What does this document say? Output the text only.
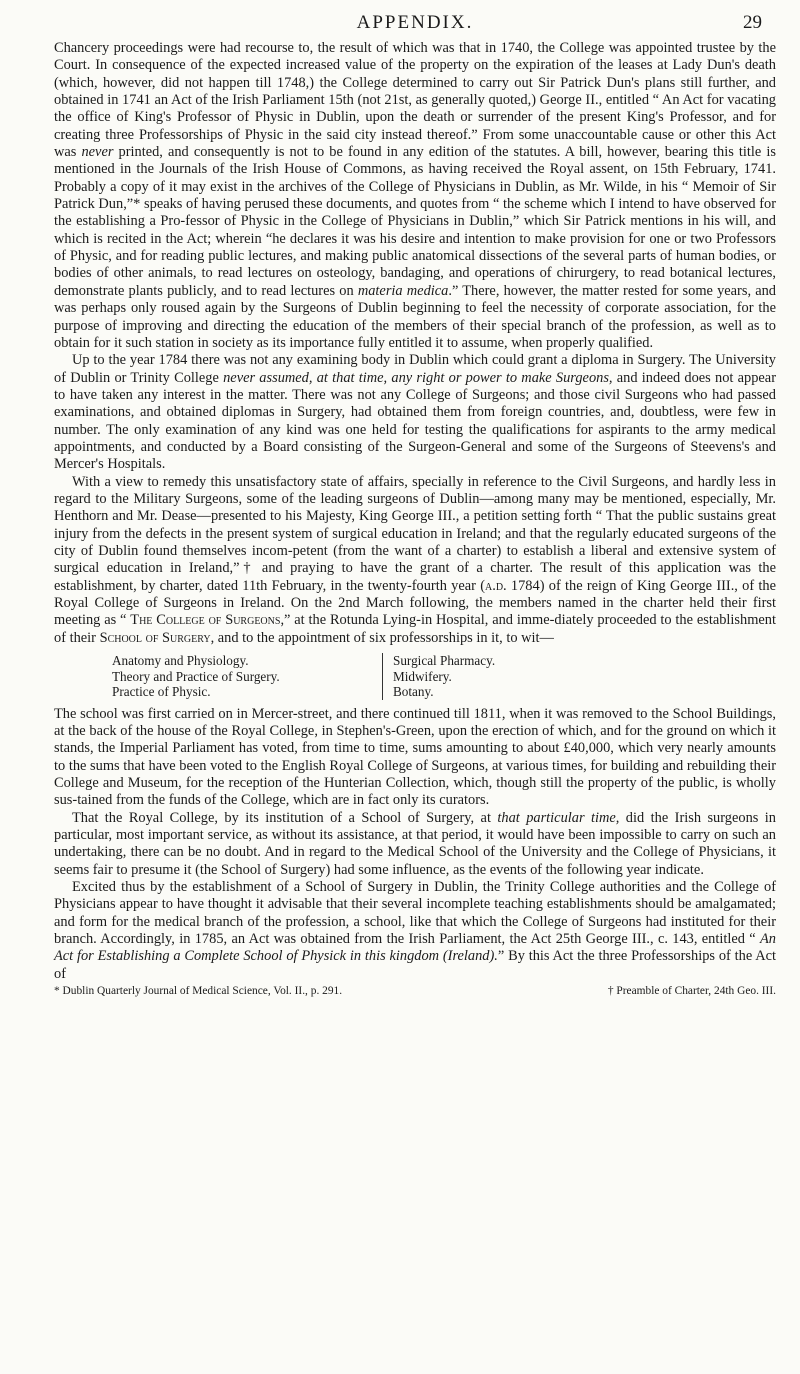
APPENDIX.	29

Chancery proceedings were had recourse to, the result of which was that in 1740, the College was appointed trustee by the Court. In consequence of the expected increased value of the property on the expiration of the leases at Lady Dun's death (which, however, did not happen till 1748,) the College determined to carry out Sir Patrick Dun's plans still further, and obtained in 1741 an Act of the Irish Parliament 15th (not 21st, as generally quoted,) George II., entitled “ An Act for vacating the office of King's Professor of Physic in Dublin, upon the death or surrender of the present King's Professor, and for creating three Professorships of Physic in the said city instead thereof.” From some unaccountable cause or other this Act was never printed, and consequently is not to be found in any edition of the statutes. A bill, however, bearing this title is mentioned in the Journals of the Irish House of Commons, as having received the Royal assent, on 15th February, 1741. Probably a copy of it may exist in the archives of the College of Physicians in Dublin, as Mr. Wilde, in his “ Memoir of Sir Patrick Dun,”* speaks of having perused these documents, and quotes from “ the scheme which I intend to have observed for the establishing a Pro-fessor of Physic in the College of Physicians in Dublin,” which Sir Patrick mentions in his will, and which is recited in the Act; wherein “he declares it was his desire and intention to make provision for one or two Professors of Physic, and for reading public lectures, and making public anatomical dissections of the several parts of human bodies, or bodies of other animals, to read lectures on osteology, bandaging, and operations of chirurgery, to read botanical lectures, demonstrate plants publicly, and to read lectures on materia medica.” There, however, the matter rested for some years, and was perhaps only roused again by the Surgeons of Dublin beginning to feel the necessity of corporate association, for the purpose of improving and directing the education of the members of their special branch of the profession, as well as to obtain for it such station in society as its importance fully entitled it to assume, when properly qualified.

Up to the year 1784 there was not any examining body in Dublin which could grant a diploma in Surgery. The University of Dublin or Trinity College never assumed, at that time, any right or power to make Surgeons, and indeed does not appear to have taken any interest in the matter. There was not any College of Surgeons; and those civil Surgeons who had passed examinations, and obtained diplomas in Surgery, had obtained them from foreign countries, and, doubtless, were few in number. The only examination of any kind was one held for testing the qualifications for aspirants to the army medical appointments, and conducted by a Board consisting of the Surgeon-General and some of the Surgeons of Steevens's and Mercer's Hospitals.

With a view to remedy this unsatisfactory state of affairs, specially in reference to the Civil Surgeons, and hardly less in regard to the Military Surgeons, some of the leading surgeons of Dublin—among many may be mentioned, especially, Mr. Henthorn and Mr. Dease—presented to his Majesty, King George III., a petition setting forth “ That the public sustains great injury from the defects in the present system of surgical education in Ireland; and that the regularly educated surgeons of the city of Dublin found themselves incom-petent (from the want of a charter) to establish a liberal and extensive system of surgical education in Ireland,”† and praying to have the grant of a charter. The result of this application was the establishment, by charter, dated 11th February, in the twenty-fourth year (a.d. 1784) of the reign of King George III., of the Royal College of Surgeons in Ireland. On the 2nd March following, the members named in the charter held their first meeting as “ The College of Surgeons,” at the Rotunda Lying-in Hospital, and imme-diately proceeded to the establishment of their School of Surgery, and to the appointment of six professorships in it, to wit—

Anatomy and Physiology.
Theory and Practice of Surgery.
Practice of Physic.
Surgical Pharmacy.
Midwifery.
Botany.

The school was first carried on in Mercer-street, and there continued till 1811, when it was removed to the School Buildings, at the back of the house of the Royal College, in Stephen's-Green, upon the erection of which, and for the ground on which it stands, the Imperial Parliament has voted, from time to time, sums amounting to about £40,000, which very nearly amounts to the sums that have been voted to the English Royal College of Surgeons, at various times, for building and rebuilding their College and Museum, for the reception of the Hunterian Collection, which, though still the property of the public, is wholly sus-tained from the funds of the College, which are in fact only its curators.

That the Royal College, by its institution of a School of Surgery, at that particular time, did the Irish surgeons in particular, most important service, as without its assistance, at that period, it would have been impossible to carry on such an undertaking, there can be no doubt. And in regard to the Medical School of the University and the College of Physicians, it seems fair to presume it (the School of Surgery) had some influence, as the events of the following year indicate.

Excited thus by the establishment of a School of Surgery in Dublin, the Trinity College authorities and the College of Physicians appear to have thought it advisable that their several incomplete teaching establishments should be amalgamated; and form for the medical branch of the profession, a school, like that which the College of Surgeons had instituted for their branch. Accordingly, in 1785, an Act was obtained from the Irish Parliament, the Act 25th George III., c. 143, entitled “ An Act for Establishing a Complete School of Physick in this kingdom (Ireland).” By this Act the three Professorships of the Act of

* Dublin Quarterly Journal of Medical Science, Vol. II., p. 291.	† Preamble of Charter, 24th Geo. III.
